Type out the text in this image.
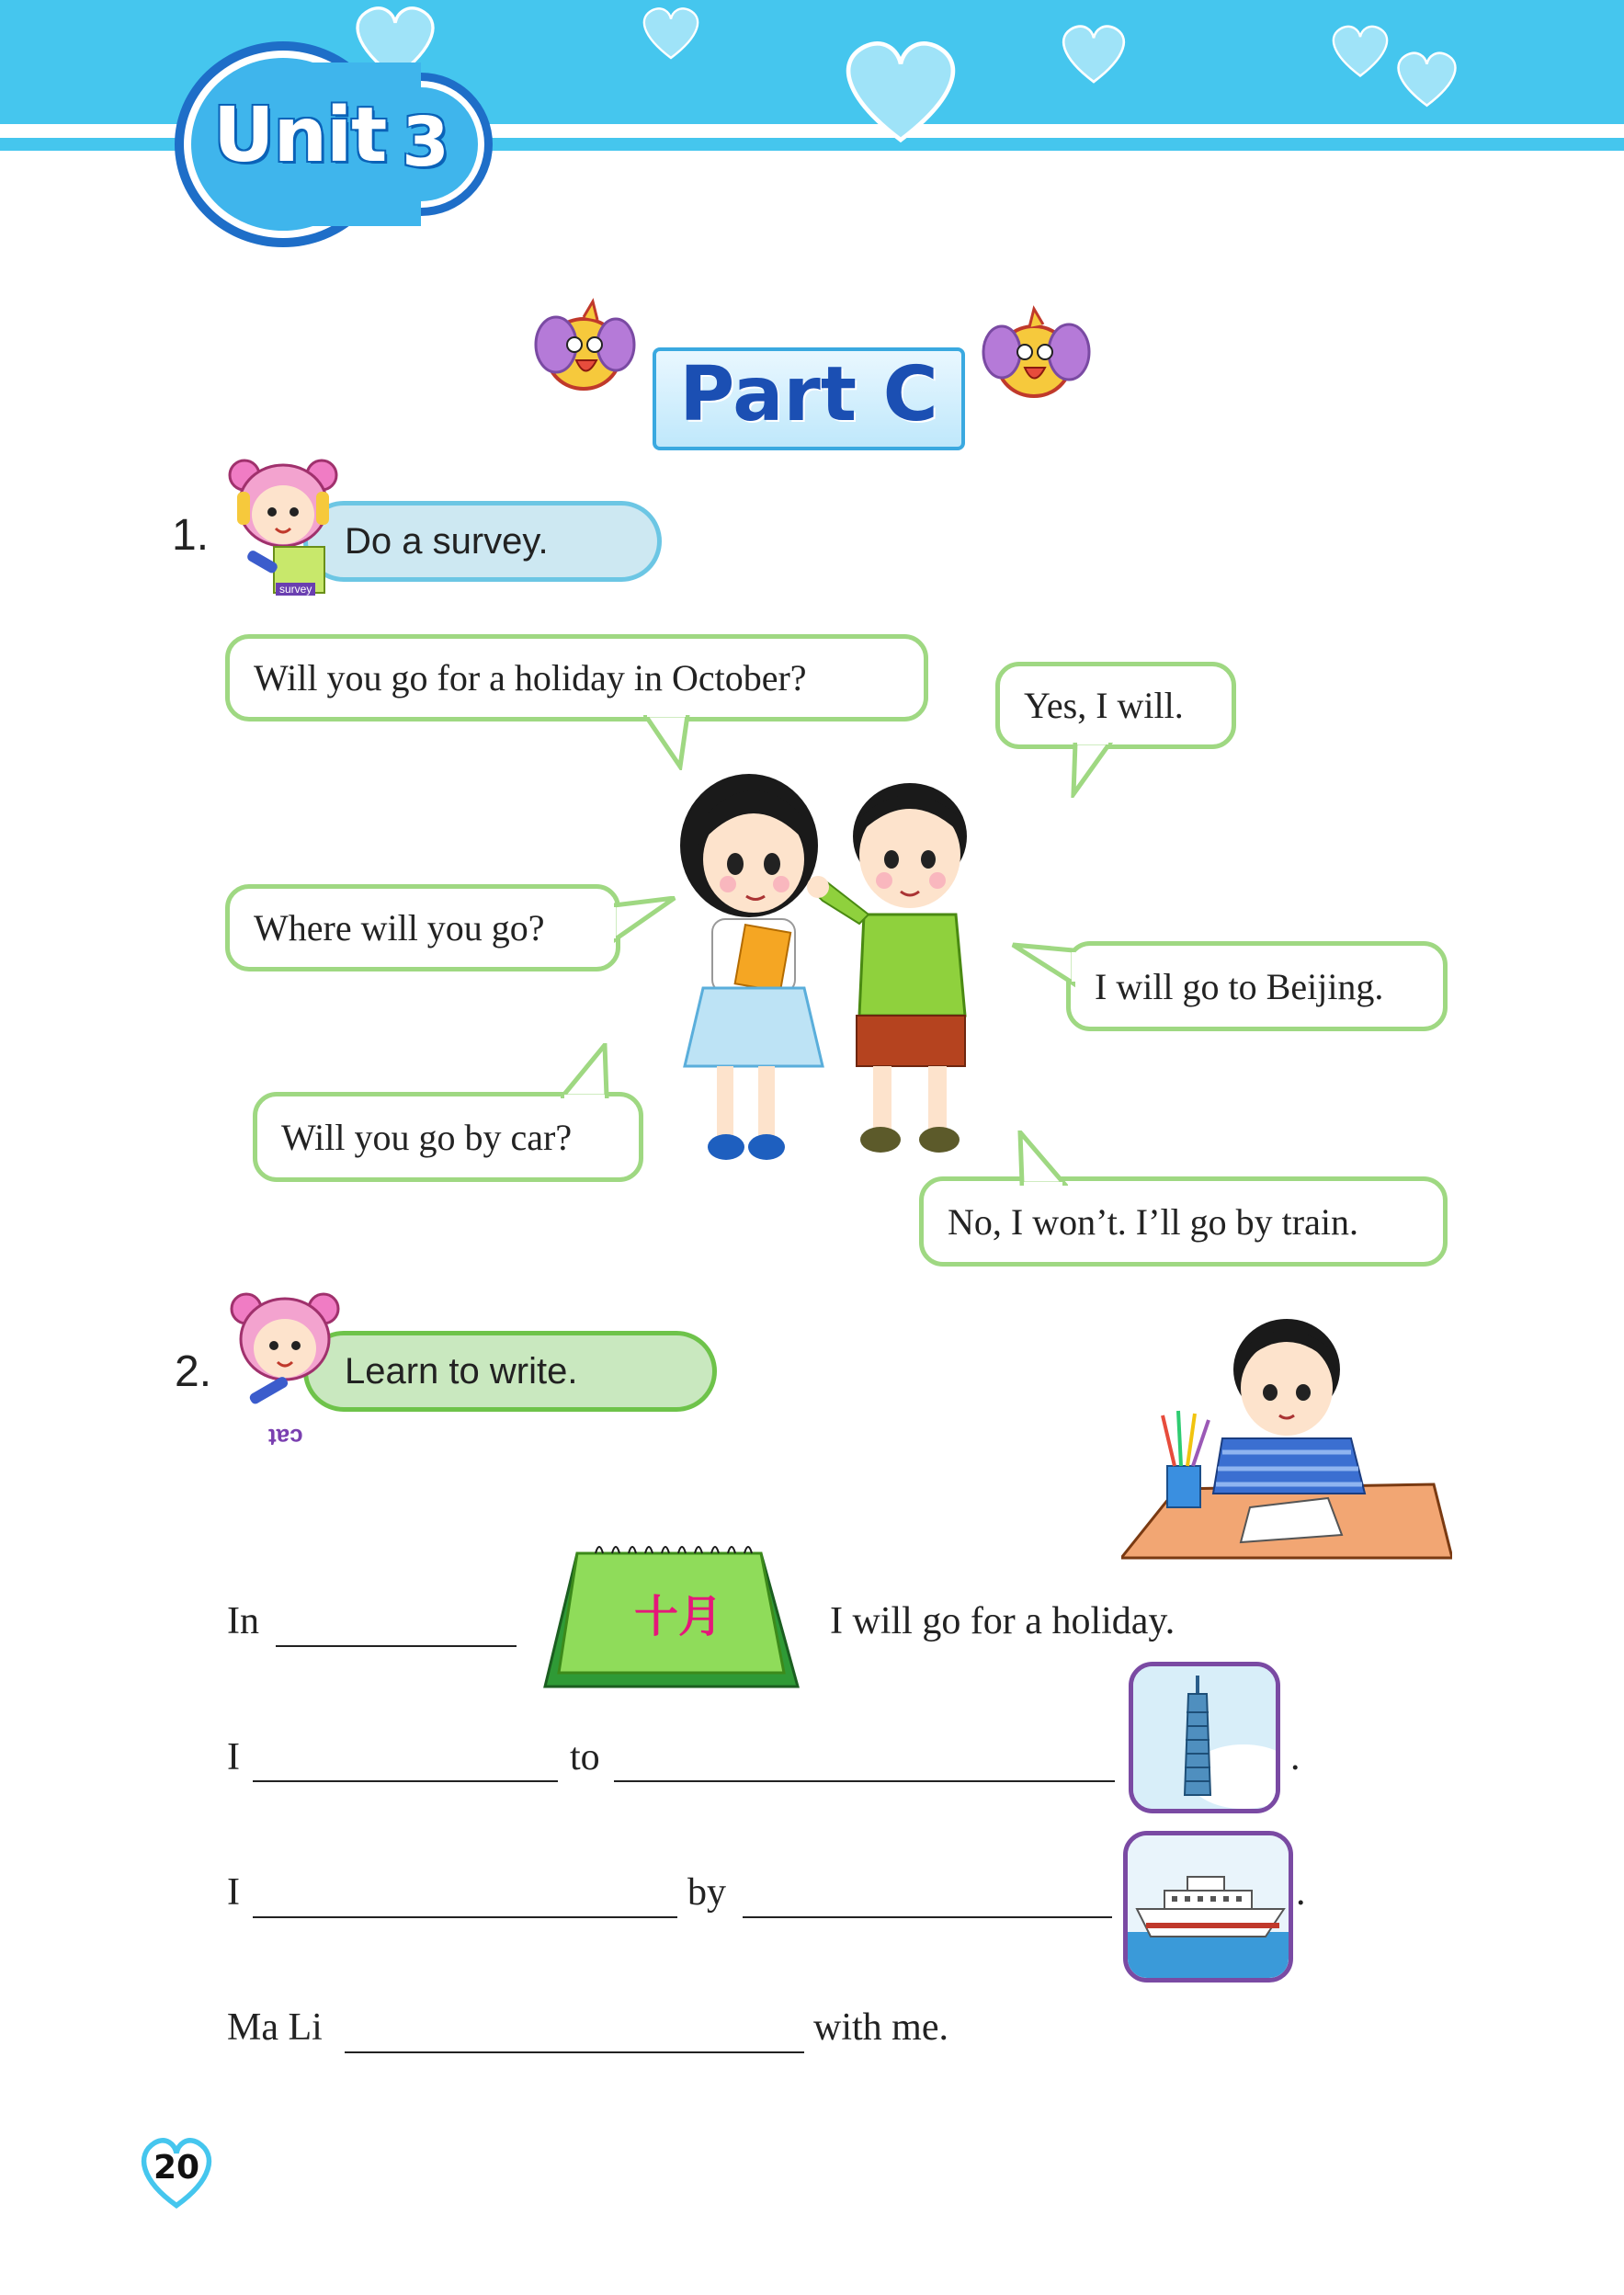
Unit 3
Part C
1.	Do a survey.
survey
Will you go for a holiday in October?
Yes, I will.
Where will you go?
I will go to Beijing.
Will you go by car?
No, I won’t. I’ll go by train.
2.	Learn to write.
cat
In	十月	I will go for a holiday.
I	to	.
I	by	.
Ma Li	with me.
20
